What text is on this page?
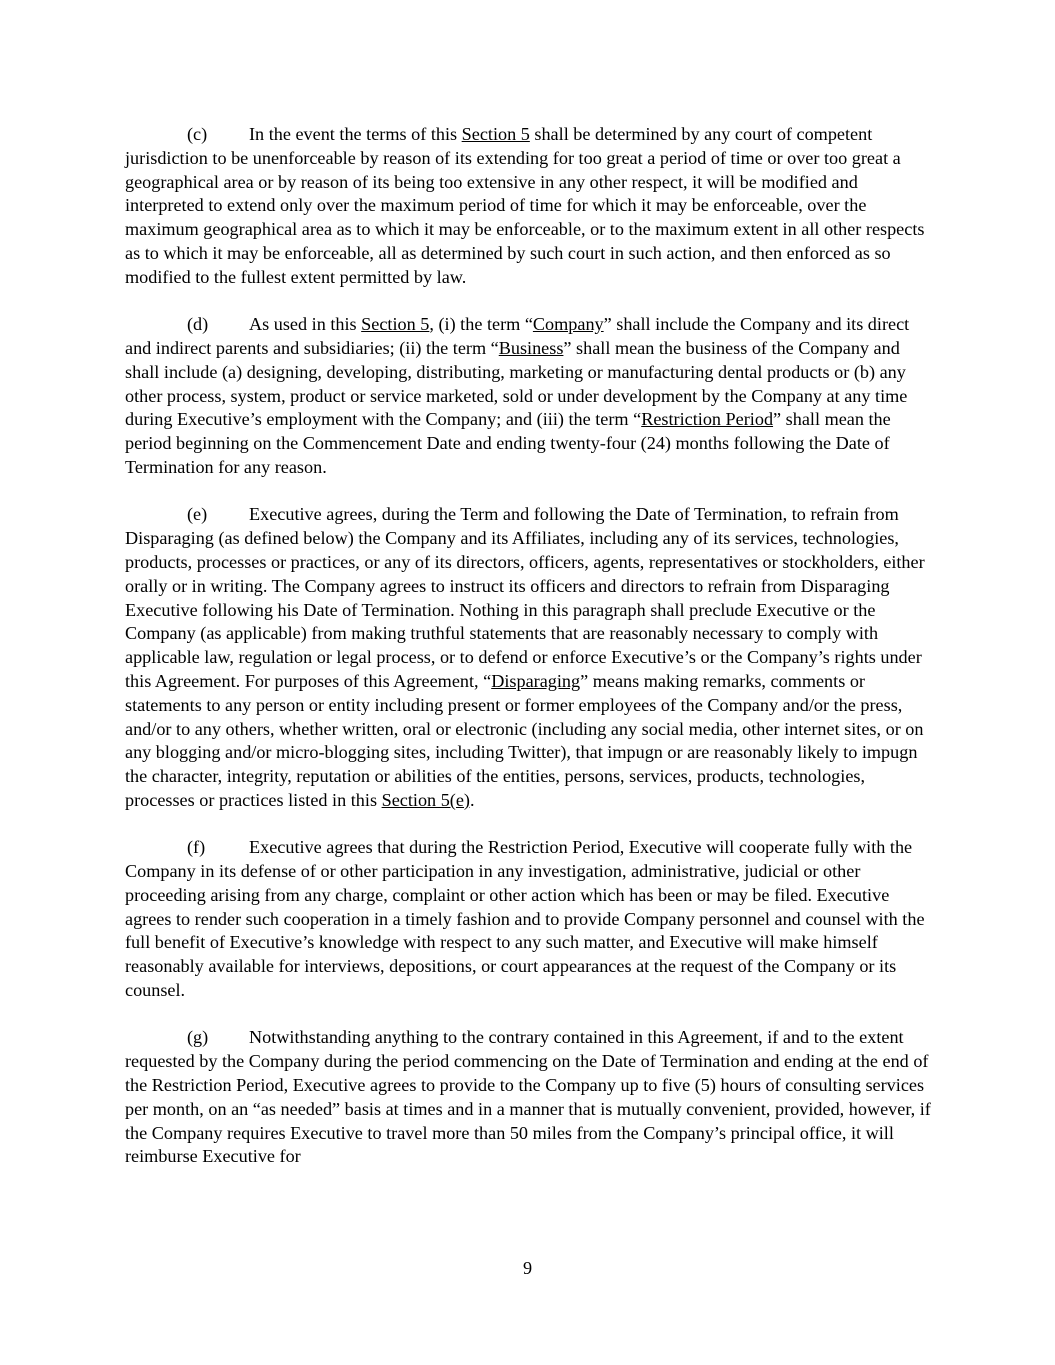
(c) In the event the terms of this Section 5 shall be determined by any court of competent jurisdiction to be unenforceable by reason of its extending for too great a period of time or over too great a geographical area or by reason of its being too extensive in any other respect, it will be modified and interpreted to extend only over the maximum period of time for which it may be enforceable, over the maximum geographical area as to which it may be enforceable, or to the maximum extent in all other respects as to which it may be enforceable, all as determined by such court in such action, and then enforced as so modified to the fullest extent permitted by law.

(d) As used in this Section 5, (i) the term “Company” shall include the Company and its direct and indirect parents and subsidiaries; (ii) the term “Business” shall mean the business of the Company and shall include (a) designing, developing, distributing, marketing or manufacturing dental products or (b) any other process, system, product or service marketed, sold or under development by the Company at any time during Executive’s employment with the Company; and (iii) the term “Restriction Period” shall mean the period beginning on the Commencement Date and ending twenty-four (24) months following the Date of Termination for any reason.

(e) Executive agrees, during the Term and following the Date of Termination, to refrain from Disparaging (as defined below) the Company and its Affiliates, including any of its services, technologies, products, processes or practices, or any of its directors, officers, agents, representatives or stockholders, either orally or in writing. The Company agrees to instruct its officers and directors to refrain from Disparaging Executive following his Date of Termination. Nothing in this paragraph shall preclude Executive or the Company (as applicable) from making truthful statements that are reasonably necessary to comply with applicable law, regulation or legal process, or to defend or enforce Executive’s or the Company’s rights under this Agreement. For purposes of this Agreement, “Disparaging” means making remarks, comments or statements to any person or entity including present or former employees of the Company and/or the press, and/or to any others, whether written, oral or electronic (including any social media, other internet sites, or on any blogging and/or micro-blogging sites, including Twitter), that impugn or are reasonably likely to impugn the character, integrity, reputation or abilities of the entities, persons, services, products, technologies, processes or practices listed in this Section 5(e).

(f) Executive agrees that during the Restriction Period, Executive will cooperate fully with the Company in its defense of or other participation in any investigation, administrative, judicial or other proceeding arising from any charge, complaint or other action which has been or may be filed. Executive agrees to render such cooperation in a timely fashion and to provide Company personnel and counsel with the full benefit of Executive’s knowledge with respect to any such matter, and Executive will make himself reasonably available for interviews, depositions, or court appearances at the request of the Company or its counsel.

(g) Notwithstanding anything to the contrary contained in this Agreement, if and to the extent requested by the Company during the period commencing on the Date of Termination and ending at the end of the Restriction Period, Executive agrees to provide to the Company up to five (5) hours of consulting services per month, on an “as needed” basis at times and in a manner that is mutually convenient, provided, however, if the Company requires Executive to travel more than 50 miles from the Company’s principal office, it will reimburse Executive for

9
